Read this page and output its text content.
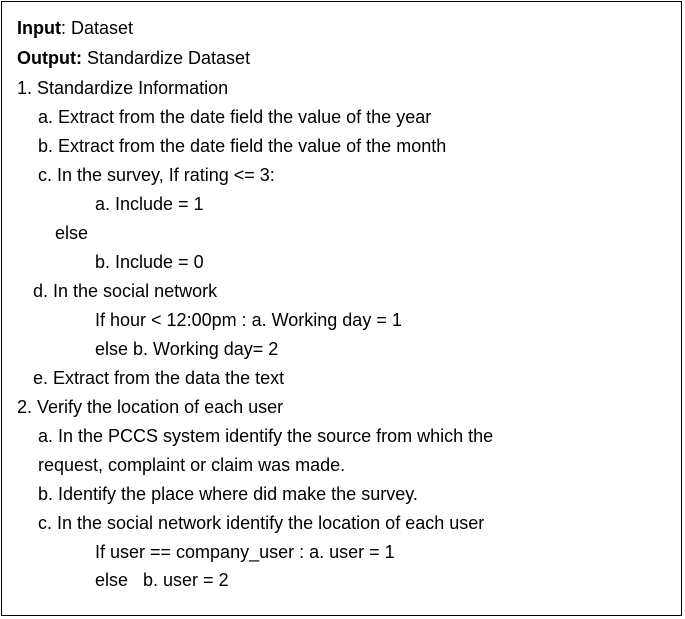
Input: Dataset
Output: Standardize Dataset
1. Standardize Information
a. Extract from the date field the value of the year
b. Extract from the date field the value of the month
c. In the survey, If rating <= 3:
a. Include = 1
else
b. Include = 0
d. In the social network
If hour < 12:00pm : a. Working day = 1
else b. Working day= 2
e. Extract from the data the text
2. Verify the location of each user
a. In the PCCS system identify the source from which the
request, complaint or claim was made.
b. Identify the place where did make the survey.
c. In the social network identify the location of each user
If user == company_user : a. user = 1
else   b. user = 2
